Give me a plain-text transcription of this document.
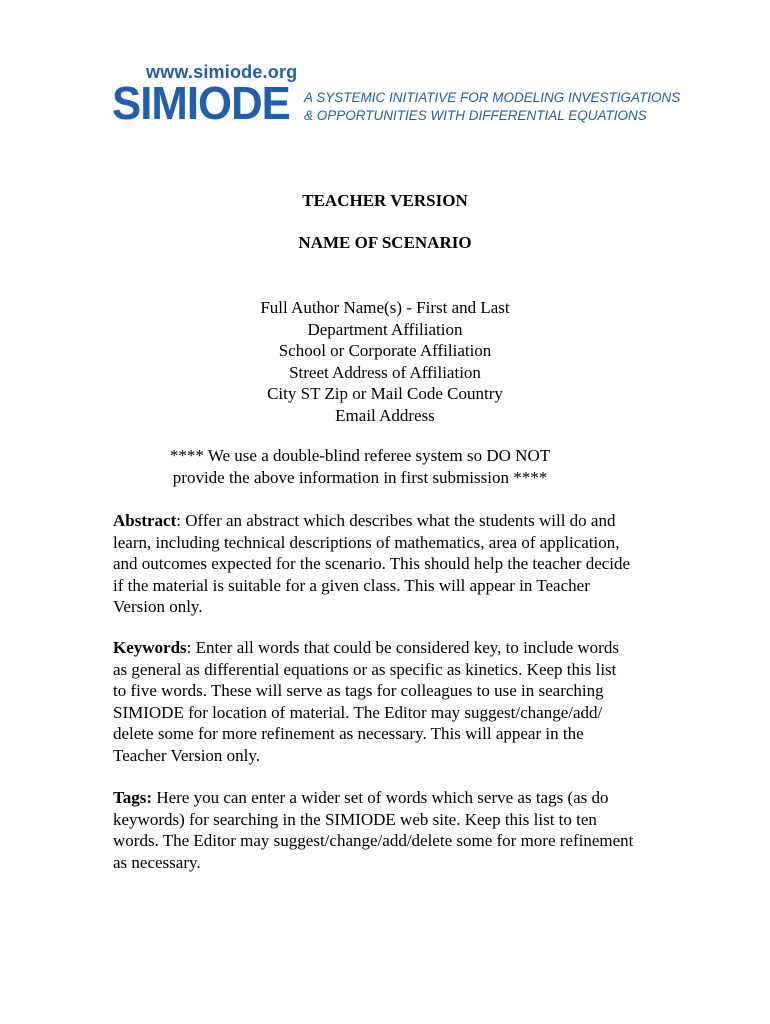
www.simiode.org
SIMIODE A SYSTEMIC INITIATIVE FOR MODELING INVESTIGATIONS
& OPPORTUNITIES WITH DIFFERENTIAL EQUATIONS
TEACHER VERSION
NAME OF SCENARIO
Full Author Name(s) - First and Last
Department Affiliation
School or Corporate Affiliation
Street Address of Affiliation
City ST Zip or Mail Code Country
Email Address
**** We use a double-blind referee system so DO NOT
provide the above information in first submission ****
Abstract: Offer an abstract which describes what the students will do and
learn, including technical descriptions of mathematics, area of application,
and outcomes expected for the scenario. This should help the teacher decide
if the material is suitable for a given class. This will appear in Teacher
Version only.
Keywords: Enter all words that could be considered key, to include words
as general as differential equations or as specific as kinetics. Keep this list
to five words. These will serve as tags for colleagues to use in searching
SIMIODE for location of material. The Editor may suggest/change/add/
delete some for more refinement as necessary. This will appear in the
Teacher Version only.
Tags: Here you can enter a wider set of words which serve as tags (as do
keywords) for searching in the SIMIODE web site. Keep this list to ten
words. The Editor may suggest/change/add/delete some for more refinement
as necessary.
